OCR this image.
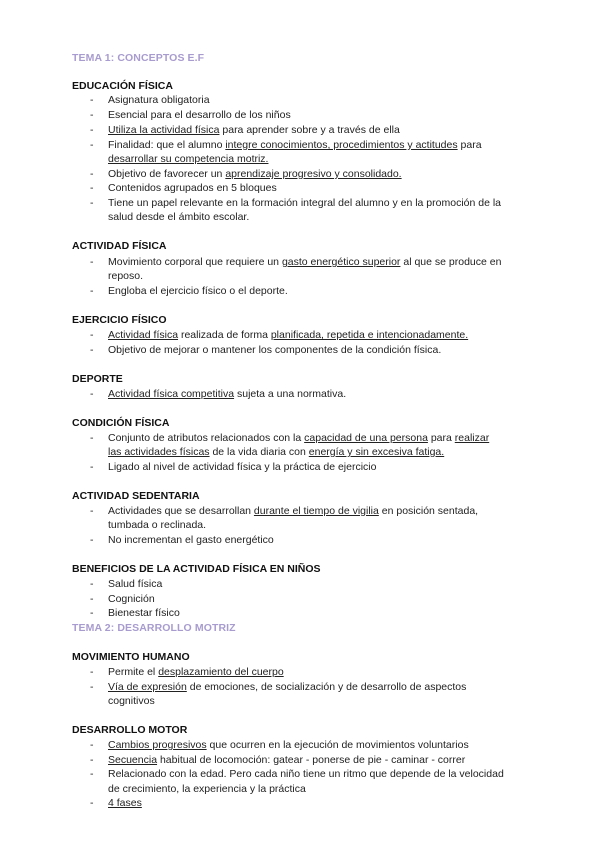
TEMA 1: CONCEPTOS E.F
EDUCACIÓN FÍSICA
- Asignatura obligatoria
- Esencial para el desarrollo de los niños
- Utiliza la actividad física para aprender sobre y a través de ella
- Finalidad: que el alumno integre conocimientos, procedimientos y actitudes para
desarrollar su competencia motriz.
- Objetivo de favorecer un aprendizaje progresivo y consolidado.
- Contenidos agrupados en 5 bloques
- Tiene un papel relevante en la formación integral del alumno y en la promoción de la
salud desde el ámbito escolar.
ACTIVIDAD FÍSICA
- Movimiento corporal que requiere un gasto energético superior al que se produce en
reposo.
- Engloba el ejercicio físico o el deporte.
EJERCICIO FÍSICO
- Actividad física realizada de forma planificada, repetida e intencionadamente.
- Objetivo de mejorar o mantener los componentes de la condición física.
DEPORTE
- Actividad física competitiva sujeta a una normativa.
CONDICIÓN FÍSICA
- Conjunto de atributos relacionados con la capacidad de una persona para realizar
las actividades físicas de la vida diaria con energía y sin excesiva fatiga.
- Ligado al nivel de actividad física y la práctica de ejercicio
ACTIVIDAD SEDENTARIA
- Actividades que se desarrollan durante el tiempo de vigilia en posición sentada,
tumbada o reclinada.
- No incrementan el gasto energético
BENEFICIOS DE LA ACTIVIDAD FÍSICA EN NIÑOS
- Salud física
- Cognición
- Bienestar físico
TEMA 2: DESARROLLO MOTRIZ
MOVIMIENTO HUMANO
- Permite el desplazamiento del cuerpo
- Vía de expresión de emociones, de socialización y de desarrollo de aspectos
cognitivos
DESARROLLO MOTOR
- Cambios progresivos que ocurren en la ejecución de movimientos voluntarios
- Secuencia habitual de locomoción: gatear - ponerse de pie - caminar - correr
- Relacionado con la edad. Pero cada niño tiene un ritmo que depende de la velocidad
de crecimiento, la experiencia y la práctica
- 4 fases
